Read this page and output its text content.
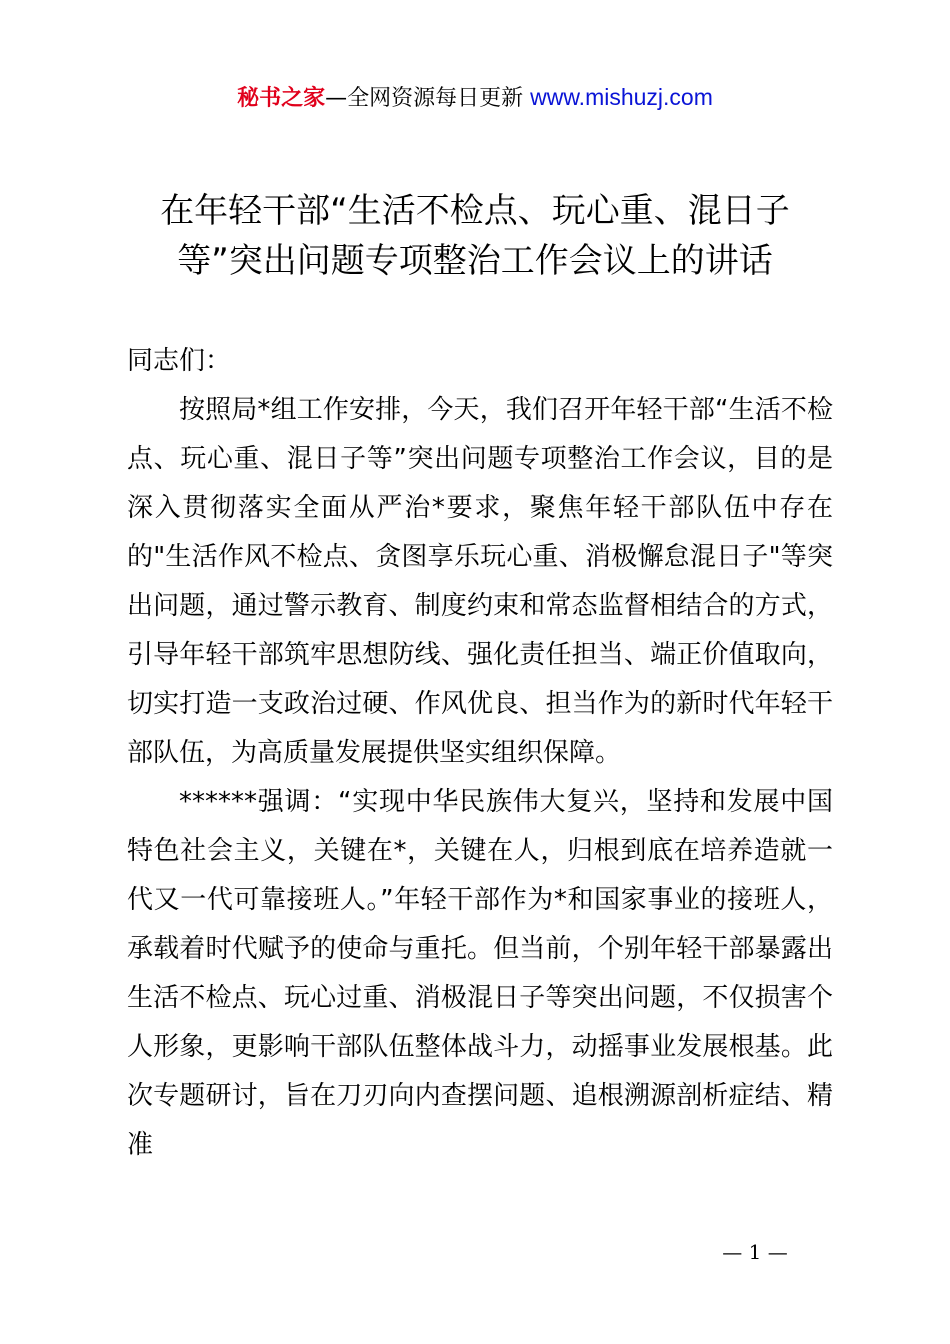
秘书之家—全网资源每日更新 www.mishuzj.com
在年轻干部“生活不检点、玩心重、混日子
等”突出问题专项整治工作会议上的讲话

同志们：

按照局*组工作安排，今天，我们召开年轻干部“生活不检点、玩心重、混日子等”突出问题专项整治工作会议，目的是深入贯彻落实全面从严治*要求，聚焦年轻干部队伍中存在的"生活作风不检点、贪图享乐玩心重、消极懈怠混日子"等突出问题，通过警示教育、制度约束和常态监督相结合的方式，引导年轻干部筑牢思想防线、强化责任担当、端正价值取向，切实打造一支政治过硬、作风优良、担当作为的新时代年轻干部队伍，为高质量发展提供坚实组织保障。

******强调：“实现中华民族伟大复兴，坚持和发展中国特色社会主义，关键在*，关键在人，归根到底在培养造就一代又一代可靠接班人。”年轻干部作为*和国家事业的接班人，承载着时代赋予的使命与重托。但当前，个别年轻干部暴露出生活不检点、玩心过重、消极混日子等突出问题，不仅损害个人形象，更影响干部队伍整体战斗力，动摇事业发展根基。此次专题研讨，旨在刀刃向内查摆问题、追根溯源剖析症结、精准

— 1 —
